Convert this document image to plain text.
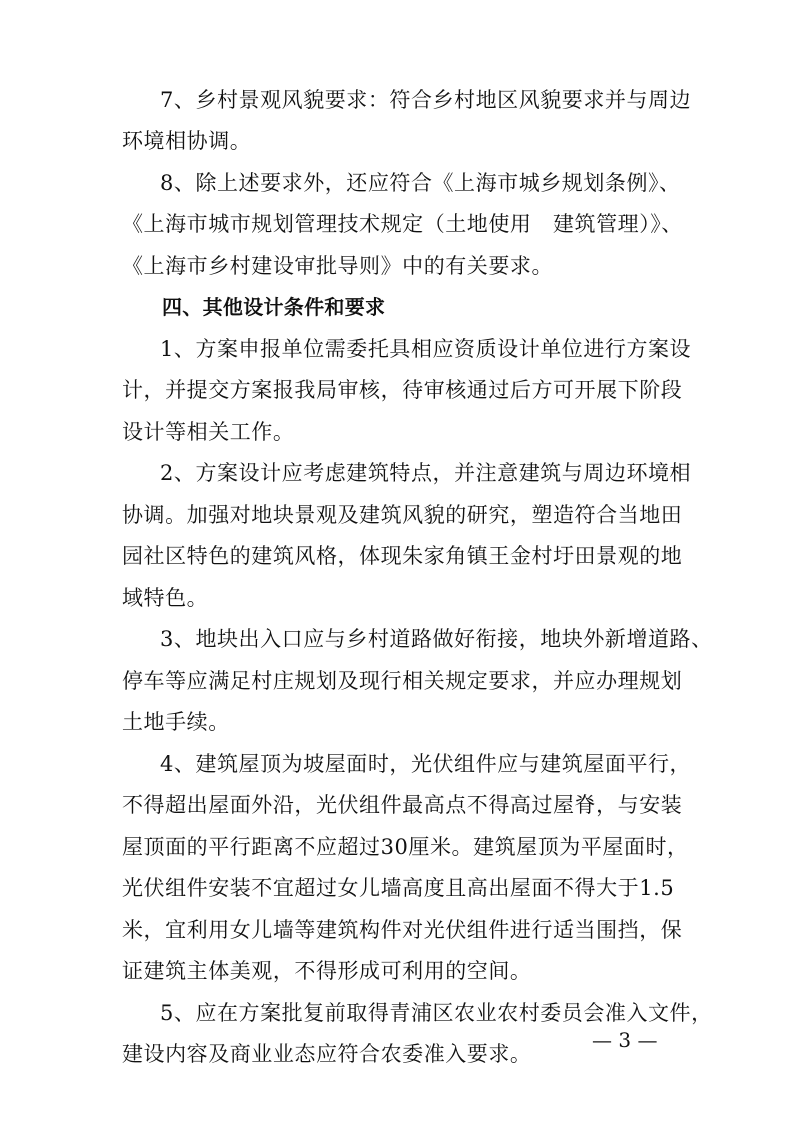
7、乡村景观风貌要求：符合乡村地区风貌要求并与周边
环境相协调。
8、除上述要求外，还应符合《上海市城乡规划条例》、
《上海市城市规划管理技术规定（土地使用　建筑管理）》、
《上海市乡村建设审批导则》中的有关要求。
四、其他设计条件和要求
1、方案申报单位需委托具相应资质设计单位进行方案设
计，并提交方案报我局审核，待审核通过后方可开展下阶段
设计等相关工作。
2、方案设计应考虑建筑特点，并注意建筑与周边环境相
协调。加强对地块景观及建筑风貌的研究，塑造符合当地田
园社区特色的建筑风格，体现朱家角镇王金村圩田景观的地
域特色。
3、地块出入口应与乡村道路做好衔接，地块外新增道路、
停车等应满足村庄规划及现行相关规定要求，并应办理规划
土地手续。
4、建筑屋顶为坡屋面时，光伏组件应与建筑屋面平行，
不得超出屋面外沿，光伏组件最高点不得高过屋脊，与安装
屋顶面的平行距离不应超过30厘米。建筑屋顶为平屋面时，
光伏组件安装不宜超过女儿墙高度且高出屋面不得大于1.5
米，宜利用女儿墙等建筑构件对光伏组件进行适当围挡，保
证建筑主体美观，不得形成可利用的空间。
5、应在方案批复前取得青浦区农业农村委员会准入文件，
建设内容及商业业态应符合农委准入要求。
— 3 —
